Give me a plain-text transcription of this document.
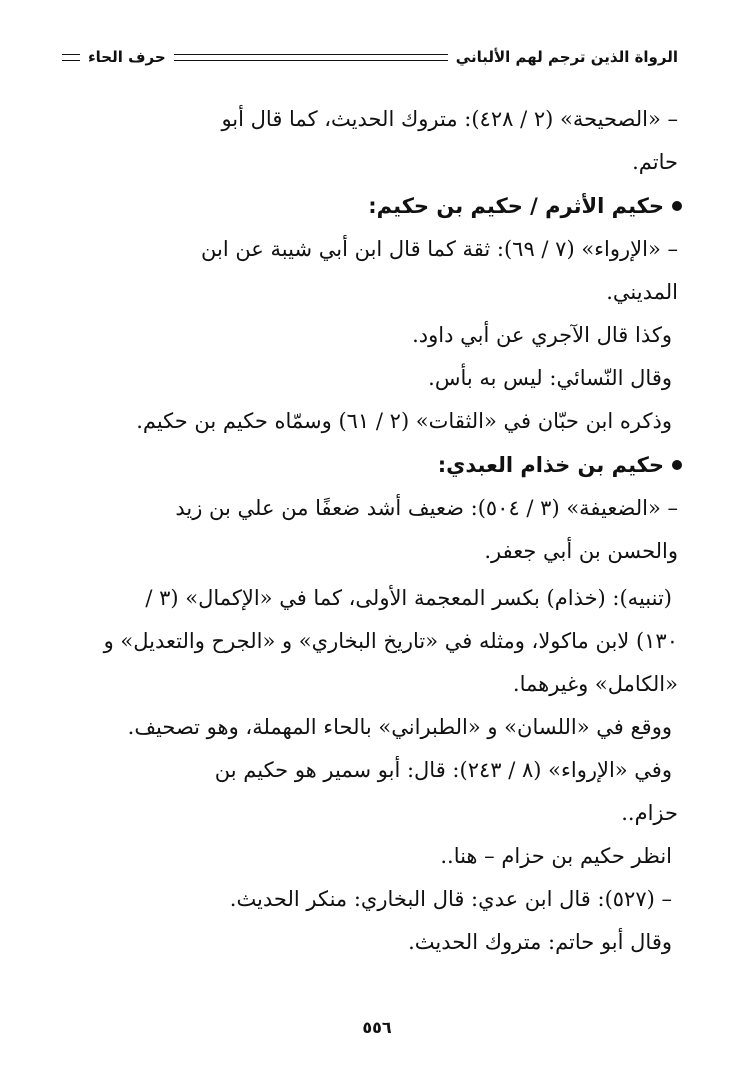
الرواة الذين ترجم لهم الألباني
حرف الحاء
– «الصحيحة» (٢ / ٤٢٨): متروك الحديث، كما قال أبو
حاتم.
حكيم الأثرم / حكيم بن حكيم:
– «الإرواء» (٧ / ٦٩): ثقة كما قال ابن أبي شيبة عن ابن
المديني.
وكذا قال الآجري عن أبي داود.
وقال النّسائي: ليس به بأس.
وذكره ابن حبّان في «الثقات» (٢ / ٦١) وسمّاه حكيم بن حكيم.
حكيم بن خذام العبدي:
– «الضعيفة» (٣ / ٥٠٤): ضعيف أشد ضعفًا من علي بن زيد
والحسن بن أبي جعفر.
(تنبيه): (خذام) بكسر المعجمة الأولى، كما في «الإكمال» (٣ /
١٣٠) لابن ماكولا، ومثله في «تاريخ البخاري» و «الجرح والتعديل» و
«الكامل» وغيرهما.
ووقع في «اللسان» و «الطبراني» بالحاء المهملة، وهو تصحيف.
وفي «الإرواء» (٨ / ٢٤٣): قال: أبو سمير هو حكيم بن
حزام..
انظر حكيم بن حزام – هنا..
– (٥٢٧): قال ابن عدي: قال البخاري: منكر الحديث.
وقال أبو حاتم: متروك الحديث.
٥٥٦
